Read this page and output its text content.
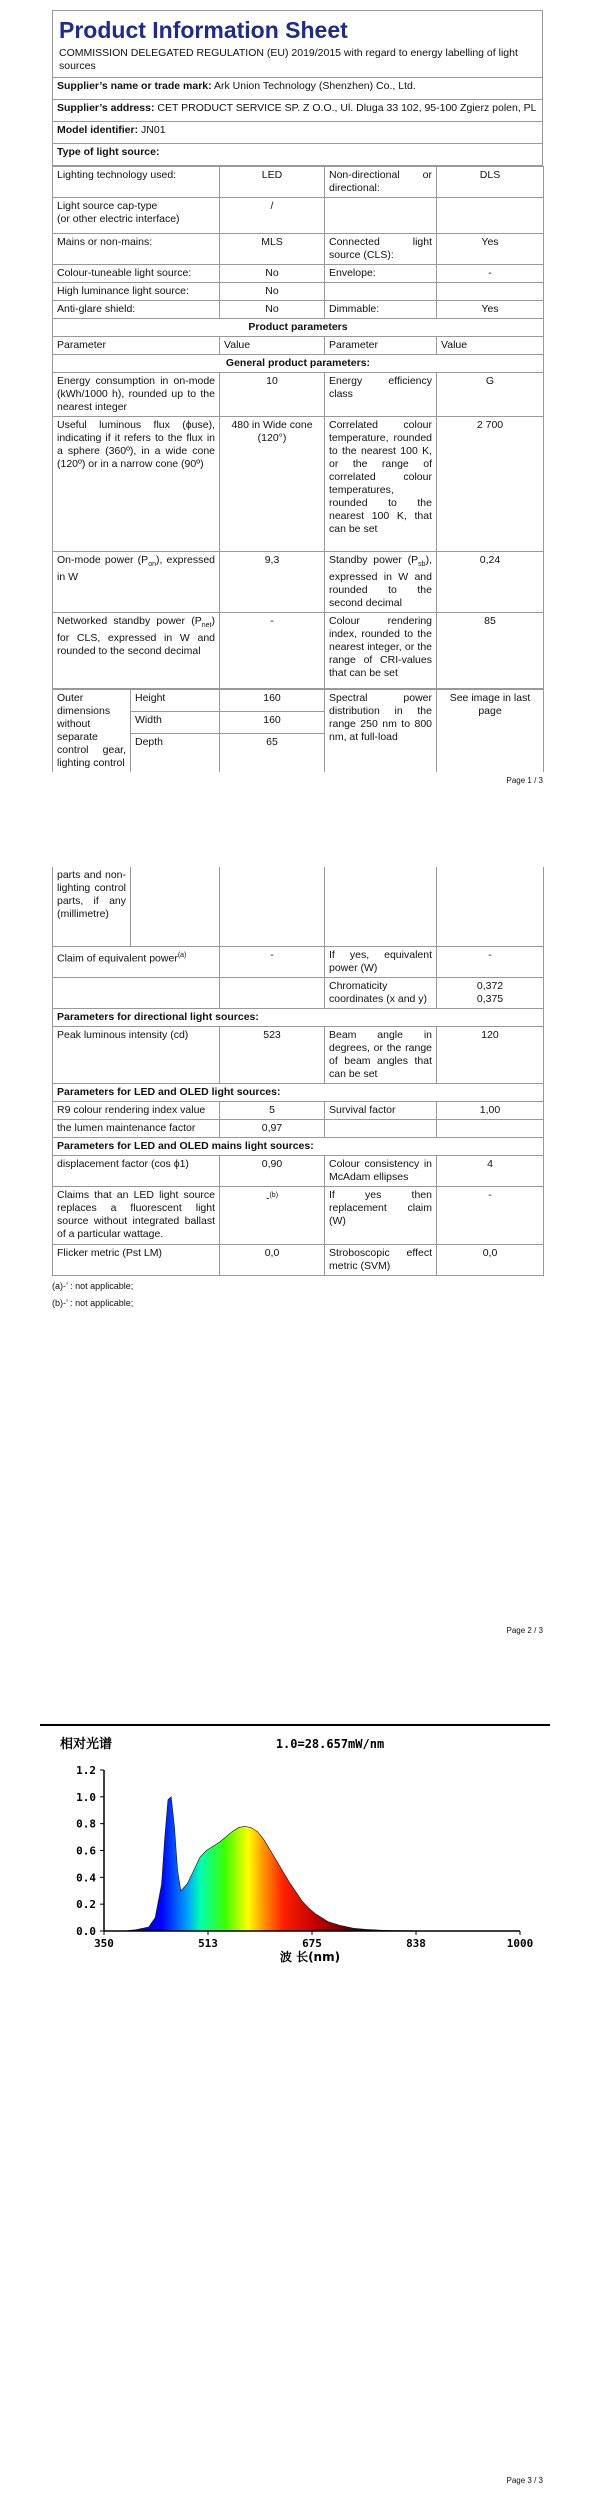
Product Information Sheet
COMMISSION DELEGATED REGULATION (EU) 2019/2015 with regard to energy labelling of light sources

Supplier’s name or trade mark: Ark Union Technology (Shenzhen) Co., Ltd.
Supplier’s address: CET PRODUCT SERVICE SP. Z O.O., Ul. Dluga 33 102, 95-100 Zgierz polen, PL
Model identifier: JN01
Type of light source:
Lighting technology used:	LED	Non-directional or directional:	DLS
Light source cap-type
(or other electric interface)	/		
Mains or non-mains:	MLS	Connected light source (CLS):	Yes
Colour-tuneable light source:	No	Envelope:	-
High luminance light source:	No		
Anti-glare shield:	No	Dimmable:	Yes
Product parameters			
Parameter	Value	Parameter	Value
General product parameters:			
Energy consumption in on-mode (kWh/1000 h), rounded up to the nearest integer	10	Energy efficiency class	G
Useful luminous flux (ϕuse), indicating if it refers to the flux in a sphere (360º), in a wide cone (120º) or in a narrow cone (90º)	480 in Wide cone (120°)	Correlated colour temperature, rounded to the nearest 100 K, or the range of correlated colour temperatures, rounded to the nearest 100 K, that can be set	2 700
On-mode power $(P_{on})$, expressed in W	9,3	Standby power $(P_{sb})$, expressed in W and rounded to the second decimal	0,24
Networked standby power $(P_{net})$ for CLS, expressed in W and rounded to the second decimal	-	Colour rendering index, rounded to the nearest integer, or the range of CRI-values that can be set	85
Outer dimensions without separate control gear, lighting control	Height	160	Spectral power distribution in the range 250 nm to 800 nm, at full-load	See image in last page
	Width	160		
	Depth	65		
Page 1 / 3
parts and non-lighting control parts, if any (millimetre)				
Claim of equivalent power$^{(a)}$		-	If yes, equivalent power (W)	-
			Chromaticity coordinates (x and y)	0,372
0,375
Parameters for directional light sources:				
Peak luminous intensity (cd)		523	Beam angle in degrees, or the range of beam angles that can be set	120
Parameters for LED and OLED light sources:				
R9 colour rendering index value		5	Survival factor	1,00
the lumen maintenance factor		0,97		
Parameters for LED and OLED mains light sources:				
displacement factor (cos ϕ1)		0,90	Colour consistency in McAdam ellipses	4
Claims that an LED light source replaces a fluorescent light source without integrated ballast of a particular wattage.		-$^{(b)}$	If yes then replacement claim (W)	-
Flicker metric (Pst LM)		0,0	Stroboscopic effect metric (SVM)	0,0
(a)-’ : not applicable;
(b)-’ : not applicable;
Page 2 / 3
0.0
0.2
0.4
0.6
0.8
1.0
1.2
350	513	675	838	1000
相对光谱	1.0=28.657mW/nm
波 长(nm)
Page 3 / 3
